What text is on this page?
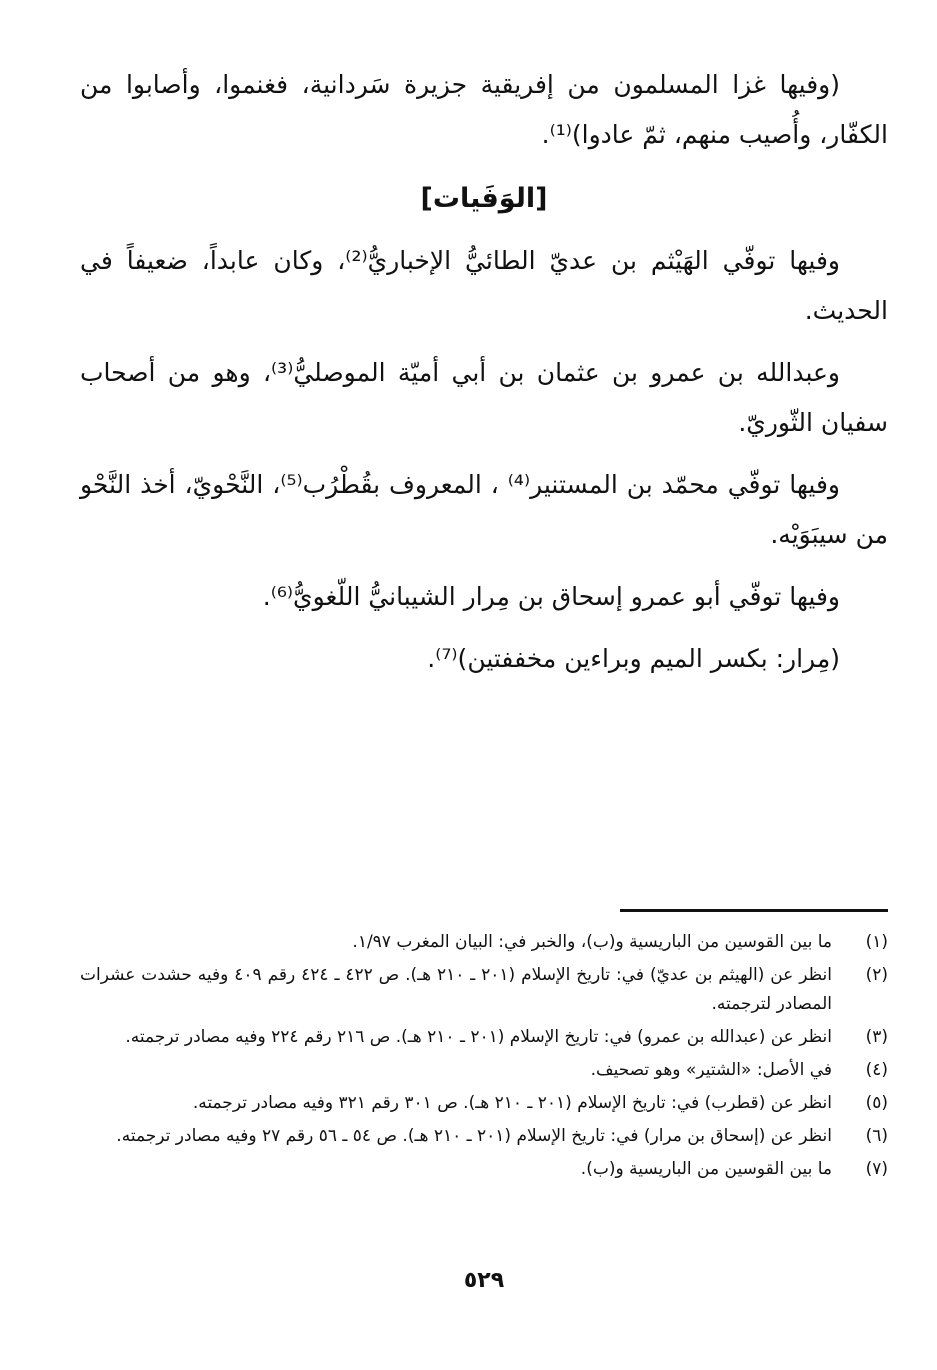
(وفيها غزا المسلمون من إفريقية جزيرة سَردانية، فغنموا، وأصابوا من الكفّار، وأُصيب منهم، ثمّ عادوا)⁽¹⁾.

[الوَفَيات]

وفيها توفّي الهَيْثم بن عديّ الطائيُّ الإخباريُّ⁽²⁾، وكان عابداً، ضعيفاً في الحديث.

وعبدالله بن عمرو بن عثمان بن أبي أميّة الموصليُّ⁽³⁾، وهو من أصحاب سفيان الثّوريّ.

وفيها توفّي محمّد بن المستنير⁽⁴⁾ ، المعروف بقُطْرُب⁽⁵⁾، النَّحْويّ، أخذ النَّحْو من سيبَوَيْه.

وفيها توفّي أبو عمرو إسحاق بن مِرار الشيبانيُّ اللّغويُّ⁽⁶⁾.

(مِرار: بكسر الميم وبراءين مخففتين)⁽⁷⁾.

(١)
ما بين القوسين من الباريسية و(ب)، والخبر في: البيان المغرب ١/٩٧.
(٢)
انظر عن (الهيثم بن عديّ) في: تاريخ الإسلام (٢٠١ ـ ٢١٠ هـ). ص ٤٢٢ ـ ٤٢٤ رقم ٤٠٩ وفيه حشدت عشرات المصادر لترجمته.
(٣)
انظر عن (عبدالله بن عمرو) في: تاريخ الإسلام (٢٠١ ـ ٢١٠ هـ). ص ٢١٦ رقم ٢٢٤ وفيه مصادر ترجمته.
(٤)
في الأصل: «الشتير» وهو تصحيف.
(٥)
انظر عن (قطرب) في: تاريخ الإسلام (٢٠١ ـ ٢١٠ هـ). ص ٣٠١ رقم ٣٢١ وفيه مصادر ترجمته.
(٦)
انظر عن (إسحاق بن مرار) في: تاريخ الإسلام (٢٠١ ـ ٢١٠ هـ). ص ٥٤ ـ ٥٦ رقم ٢٧ وفيه مصادر ترجمته.
(٧)
ما بين القوسين من الباريسية و(ب).
٥٢٩
